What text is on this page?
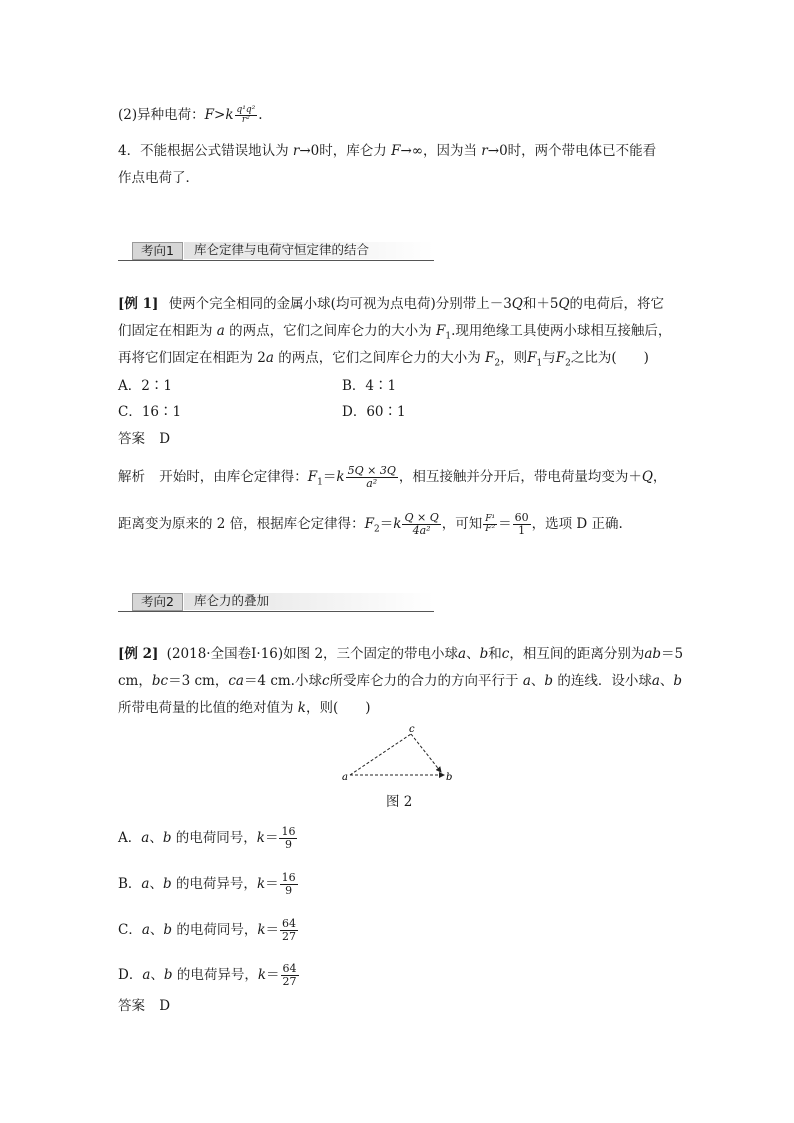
(2)异种电荷：$F>k \frac{\text{q¹q²}}{\text{r²}}$ .
4．不能根据公式错误地认为 r→0时，库仑力 F→∞，因为当 r→0时，两个带电体已不能看
作点电荷了．
考向1	库仑定律与电荷守恒定律的结合
[例 1] 使两个完全相同的金属小球(均可视为点电荷)分别带上－3Q和＋5Q的电荷后，将它
们固定在相距为 a 的两点，它们之间库仑力的大小为 $F_1$.现用绝缘工具使两小球相互接触后，
再将它们固定在相距为 2a 的两点，它们之间库仑力的大小为 $F_2$，则$F_1$与$F_2$之比为(　　)
A．2∶1	B．4∶1
C．16∶1	D．60∶1
答案 D
解析 开始时，由库仑定律得：$F_1=k \frac{5Q \times 3Q}{\text{a²}}$ ，相互接触并分开后，带电荷量均变为＋Q，
距离变为原来的 2 倍，根据库仑定律得：$F_2=k \frac{Q \times Q}{\text{4a²}}$ ，可知 $\frac{\text{F¹}}{\text{F²}} = \frac{60}{1}$ ，选项 D 正确.
考向2	库仑力的叠加
[例 2] (2018·全国卷Ⅰ·16)如图 2，三个固定的带电小球a、b和c，相互间的距离分别为ab＝5
cm，bc＝3 cm，ca＝4 cm.小球c所受库仑力的合力的方向平行于 a、b 的连线．设小球a、b
所带电荷量的比值的绝对值为 k，则(　　)
a	b
c
图 2
A．a、b 的电荷同号，$k= \frac{16}{9}$
B．a、b 的电荷异号，$k= \frac{16}{9}$
C．a、b 的电荷同号，$k= \frac{64}{27}$
D．a、b 的电荷异号，$k= \frac{64}{27}$
答案 D
